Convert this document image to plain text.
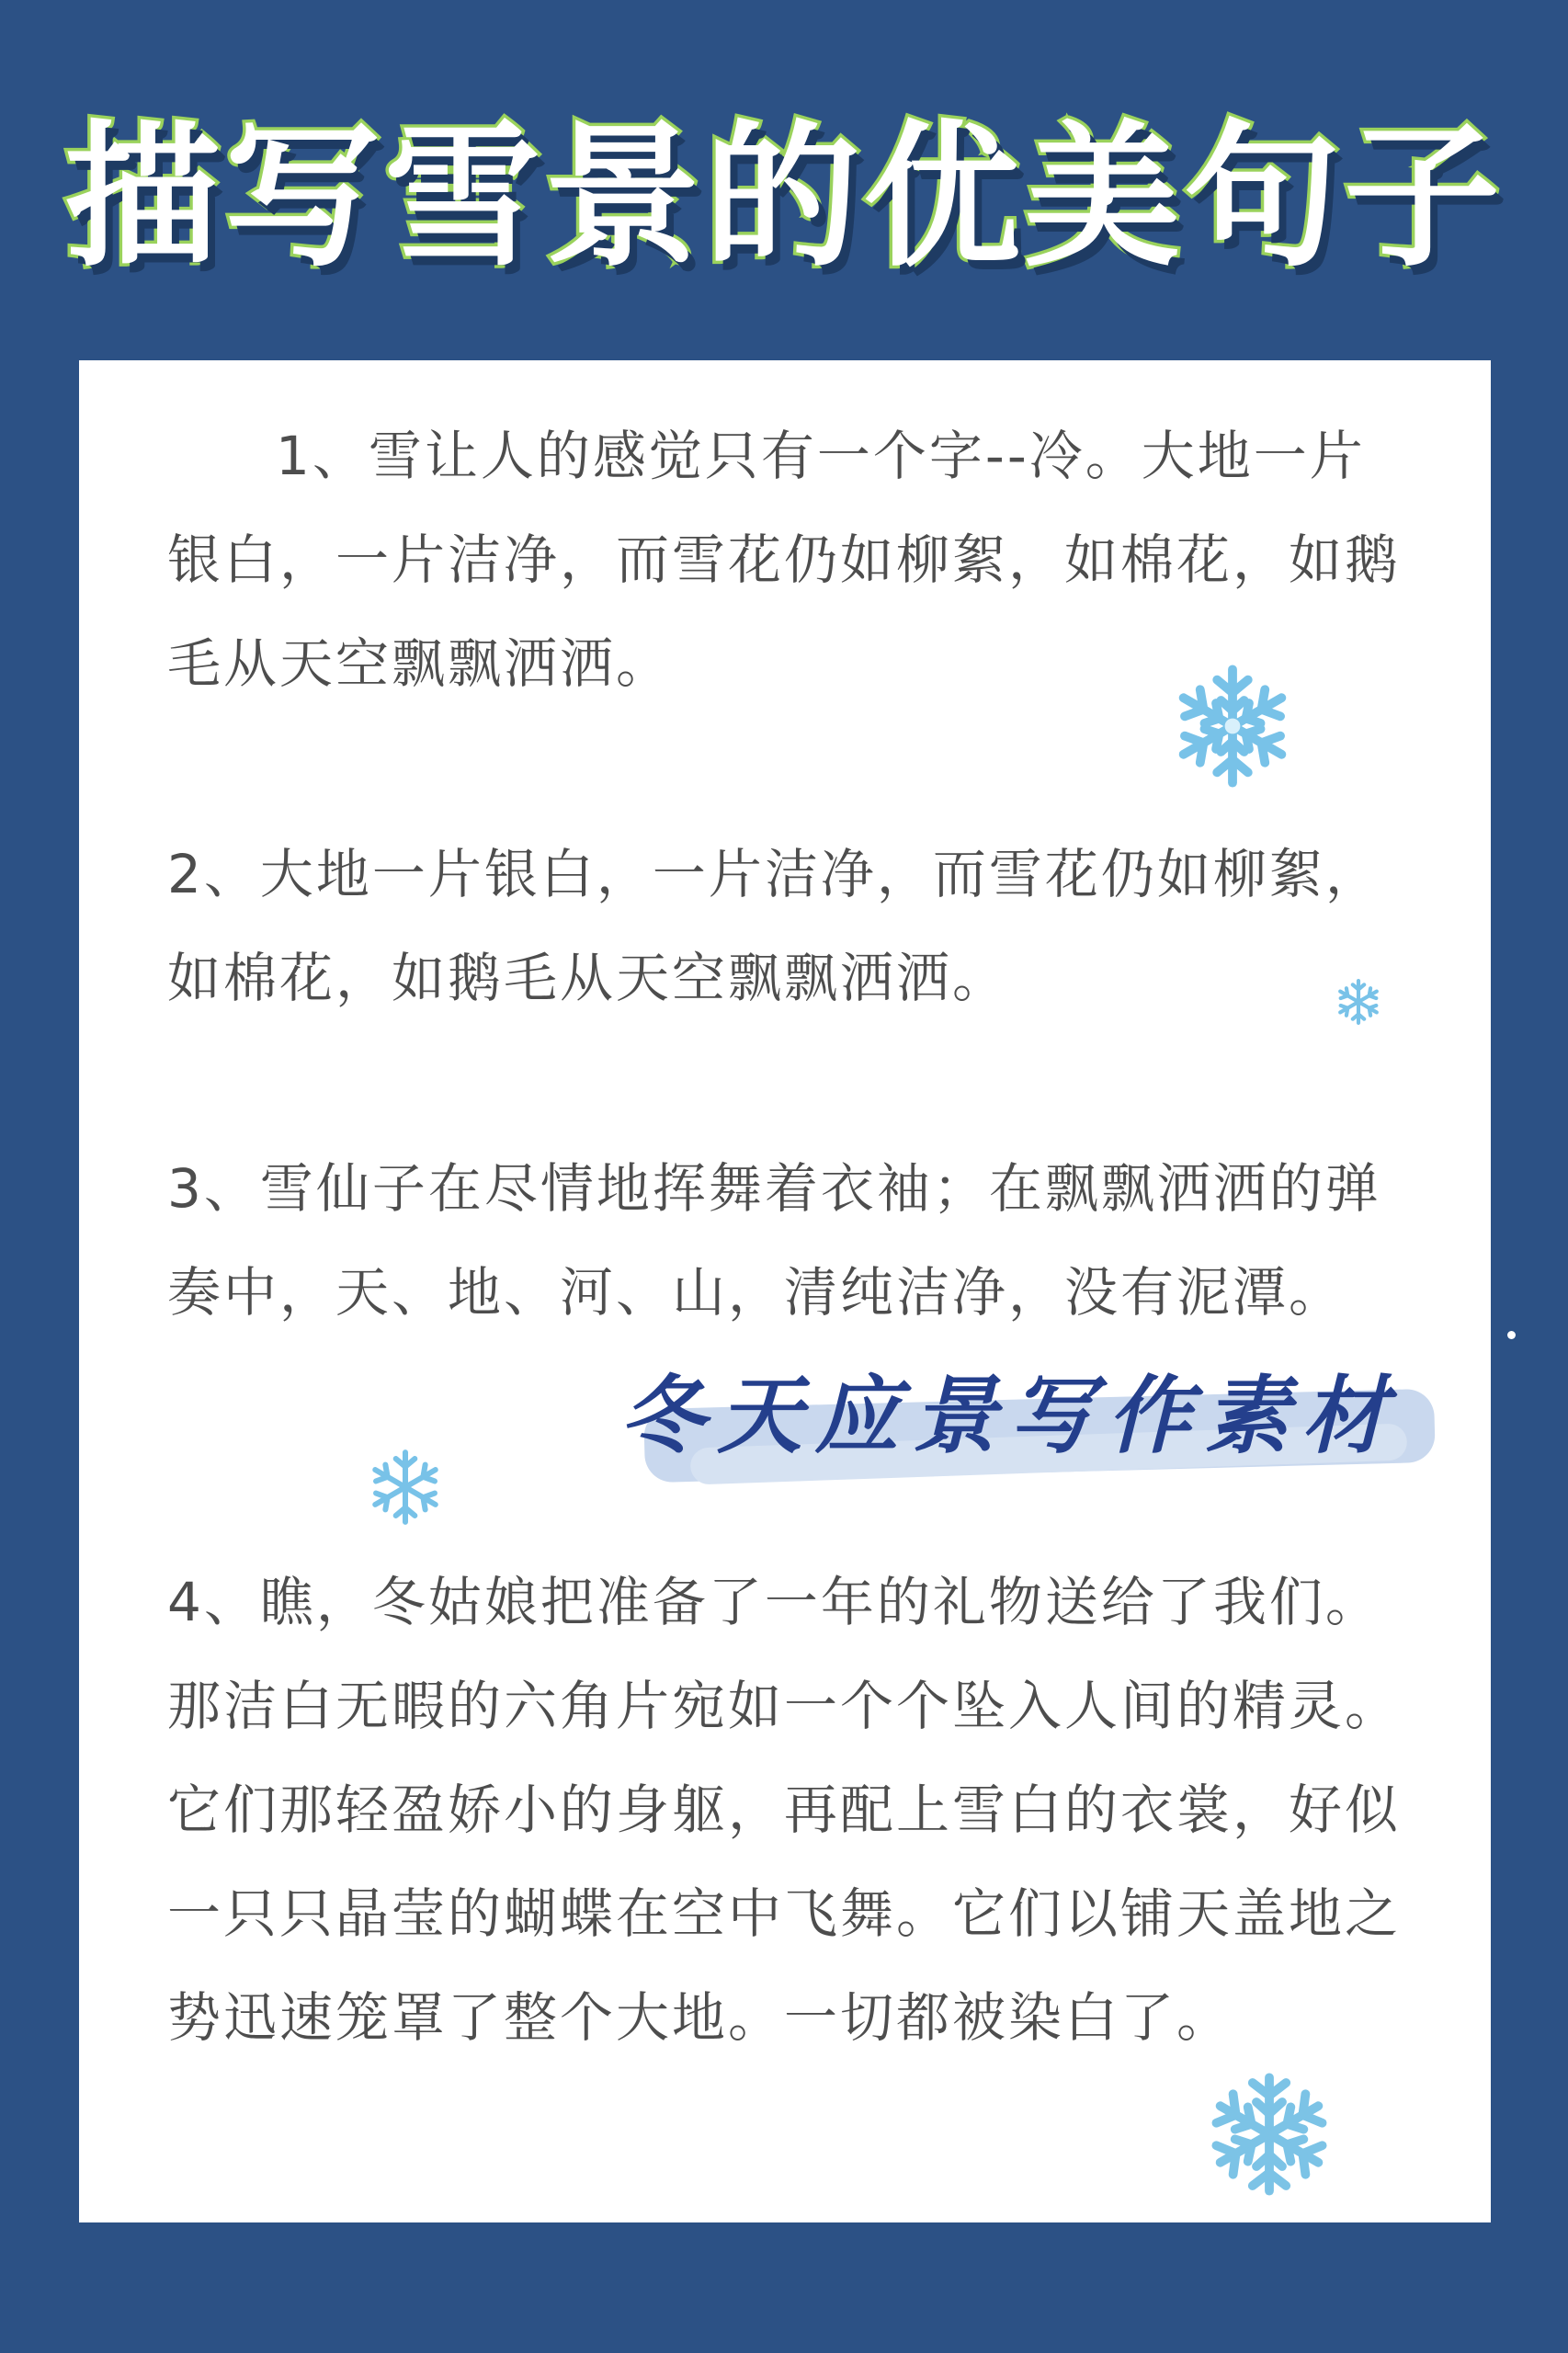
描写雪景的优美句子

1、雪让人的感觉只有一个字--冷。大地一片银白，一片洁净，而雪花仍如柳絮，如棉花，如鹅毛从天空飘飘洒洒。

2、大地一片银白，一片洁净，而雪花仍如柳絮，如棉花，如鹅毛从天空飘飘洒洒。

3、雪仙子在尽情地挥舞着衣袖；在飘飘洒洒的弹奏中，天、地、河、山，清纯洁净，没有泥潭。

4、瞧，冬姑娘把准备了一年的礼物送给了我们。那洁白无暇的六角片宛如一个个坠入人间的精灵。它们那轻盈娇小的身躯，再配上雪白的衣裳，好似一只只晶莹的蝴蝶在空中飞舞。它们以铺天盖地之势迅速笼罩了整个大地。一切都被染白了。

冬天应景写作素材
